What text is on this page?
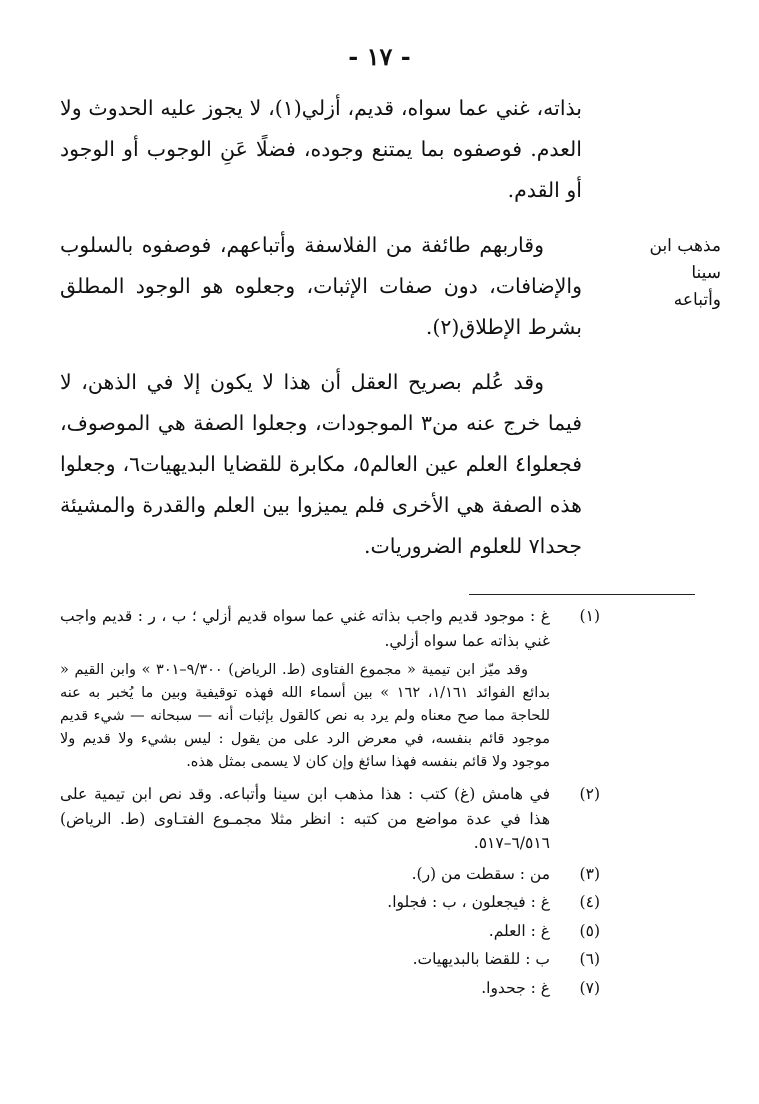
- ١٧ -

بذاته، غني عما سواه، قديم، أزلي(١)، لا يجوز عليه الحدوث ولا العدم. فوصفوه بما يمتنع وجوده، فضلًا عَنِ الوجوب أو الوجود أو القدم.

وقاربهم طائفة من الفلاسفة وأتباعهم، فوصفوه بالسلوب والإضافات، دون صفات الإثبات، وجعلوه هو الوجود المطلق بشرط الإطلاق(٢).

وقد عُلم بصريح العقل أن هذا لا يكون إلا في الذهن، لا فيما خرج عنه من٣ الموجودات، وجعلوا الصفة هي الموصوف، فجعلوا٤ العلم عين العالم٥، مكابرة للقضايا البديهيات٦، وجعلوا هذه الصفة هي الأخرى فلم يميزوا بين العلم والقدرة والمشيئة جحدا٧ للعلوم الضروريات.

مذهب ابن سينا
وأتباعه
(١)
غ : موجود قديم واجب بذاته غني عما سواه قديم أزلي ؛ ب ، ر : قديم واجب غني بذاته عما سواه أزلي.

وقد ميّز ابن تيمية « مجموع الفتاوى (ط. الرياض) ٩/٣٠٠–٣٠١ » وابن القيم « بدائع الفوائد ١/١٦١، ١٦٢ » بين أسماء الله فهذه توقيفية وبين ما يُخبر به عنه للحاجة مما صح معناه ولم يرد به نص كالقول بإثبات أنه — سبحانه — شيء قديم موجود قائم بنفسه، في معرض الرد على من يقول : ليس بشيء ولا قديم ولا موجود ولا قائم بنفسه فهذا سائغ وإن كان لا يسمى بمثل هذه.

(٢)
في هامش (غ) كتب : هذا مذهب ابن سينا وأتباعه. وقد نص ابن تيمية على هذا في عدة مواضع من كتبه : انظر مثلا مجمـوع الفتـاوى (ط. الرياض) ٦/٥١٦–٥١٧.
(٣)
من : سقطت من (ر).
(٤)
غ : فيجعلون ، ب : فجلوا.
(٥)
غ : العلم.
(٦)
ب : للقضا بالبديهيات.
(٧)
غ : جحدوا.
